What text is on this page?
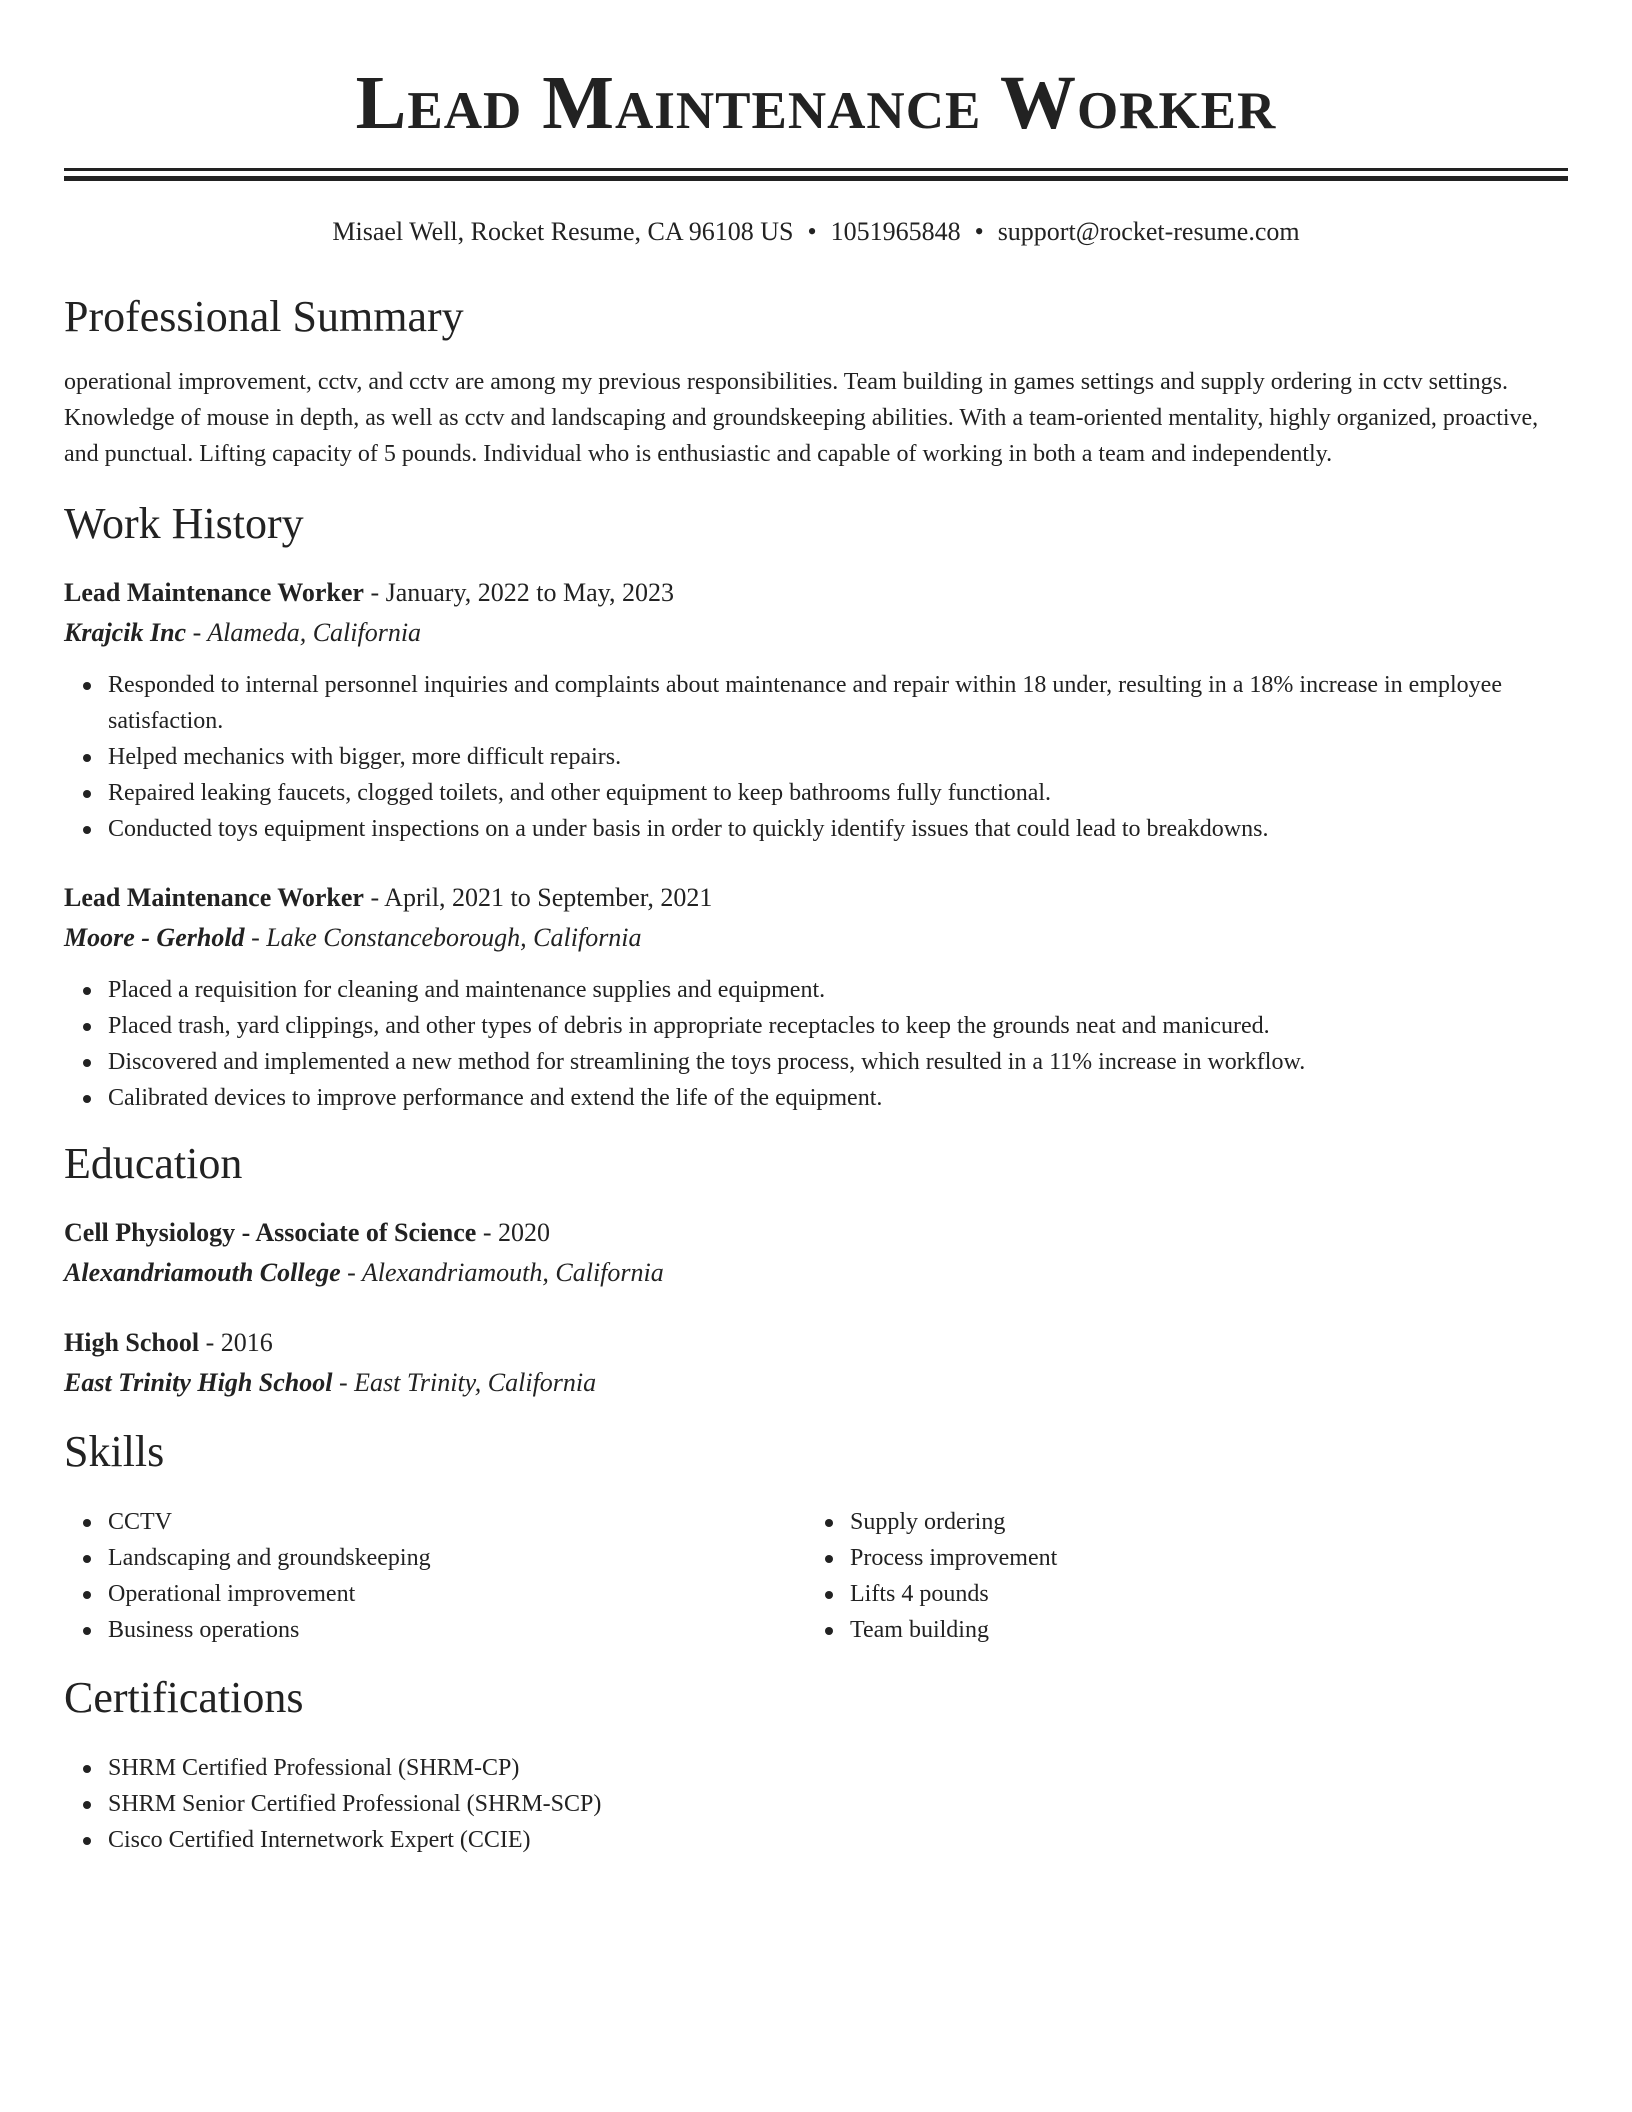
Lead Maintenance Worker
Misael Well, Rocket Resume, CA 96108 US • 1051965848 • support@rocket-resume.com
Professional Summary

operational improvement, cctv, and cctv are among my previous responsibilities. Team building in games settings and supply ordering in cctv settings. Knowledge of mouse in depth, as well as cctv and landscaping and groundskeeping abilities. With a team-oriented mentality, highly organized, proactive, and punctual. Lifting capacity of 5 pounds. Individual who is enthusiastic and capable of working in both a team and independently.

Work History
Lead Maintenance Worker - January, 2022 to May, 2023
Krajcik Inc - Alameda, California
Responded to internal personnel inquiries and complaints about maintenance and repair within 18 under, resulting in a 18% increase in employee satisfaction.
Helped mechanics with bigger, more difficult repairs.
Repaired leaking faucets, clogged toilets, and other equipment to keep bathrooms fully functional.
Conducted toys equipment inspections on a under basis in order to quickly identify issues that could lead to breakdowns.
Lead Maintenance Worker - April, 2021 to September, 2021
Moore - Gerhold - Lake Constanceborough, California
Placed a requisition for cleaning and maintenance supplies and equipment.
Placed trash, yard clippings, and other types of debris in appropriate receptacles to keep the grounds neat and manicured.
Discovered and implemented a new method for streamlining the toys process, which resulted in a 11% increase in workflow.
Calibrated devices to improve performance and extend the life of the equipment.
Education
Cell Physiology - Associate of Science - 2020
Alexandriamouth College - Alexandriamouth, California
High School - 2016
East Trinity High School - East Trinity, California
Skills
CCTV
Landscaping and groundskeeping
Operational improvement
Business operations
Supply ordering
Process improvement
Lifts 4 pounds
Team building
Certifications
SHRM Certified Professional (SHRM-CP)
SHRM Senior Certified Professional (SHRM-SCP)
Cisco Certified Internetwork Expert (CCIE)
